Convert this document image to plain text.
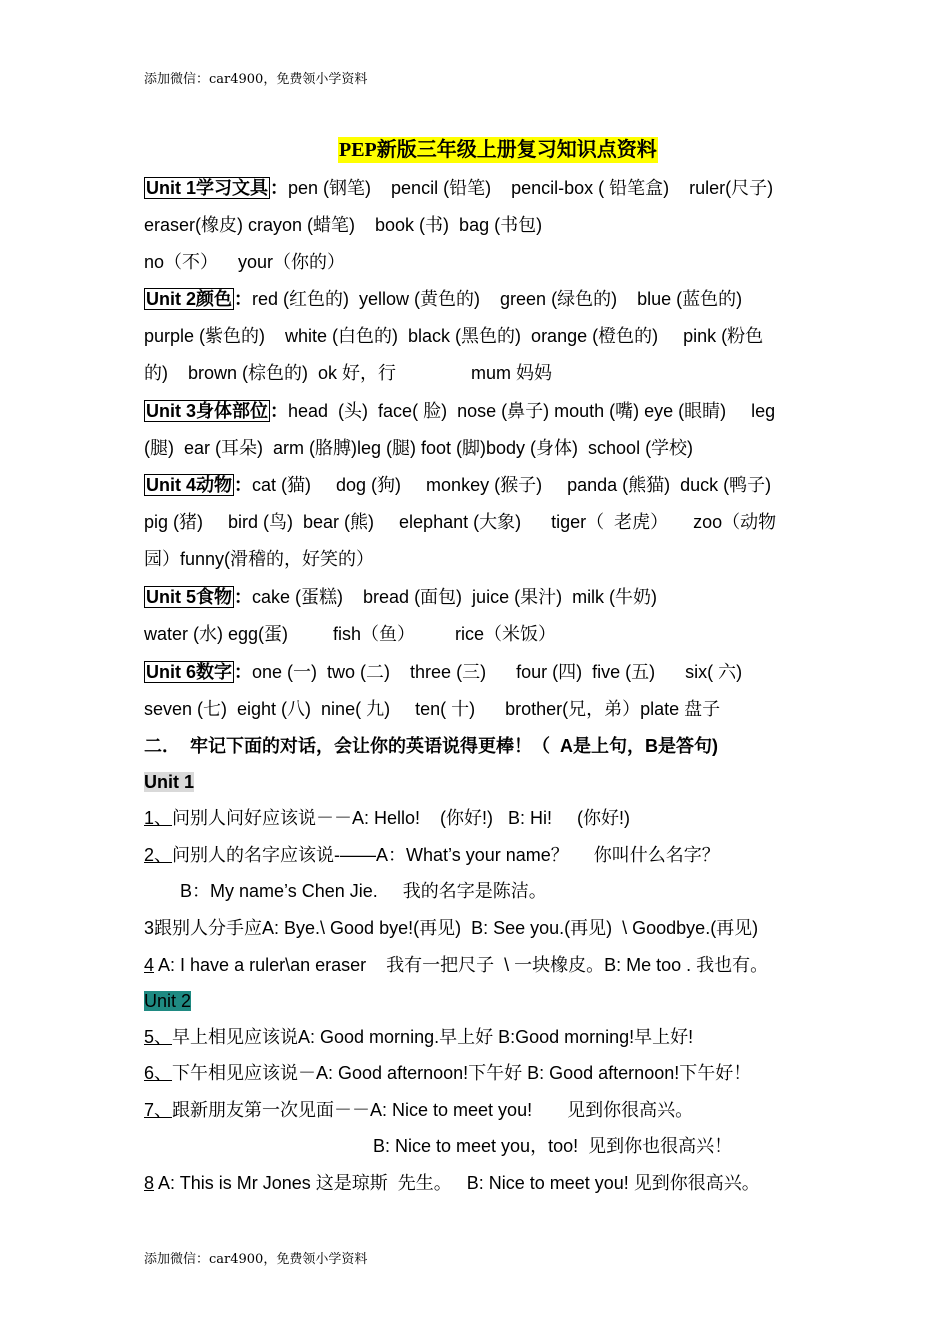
添加微信：car4900，免费领小学资料
PEP新版三年级上册复习知识点资料
Unit 1学习文具 ：pen (钢笔)    pencil (铅笔)    pencil-box ( 铅笔盒)    ruler(尺子)
eraser(橡皮) crayon (蜡笔)    book (书)  bag (书包)
no（不）    your（你的）
Unit 2颜色 ：red (红色的)  yellow (黄色的)    green (绿色的)    blue (蓝色的)
purple (紫色的)    white (白色的)  black (黑色的)  orange (橙色的)     pink (粉色
的)    brown (棕色的)  ok 好，行               mum 妈妈
Unit 3身体部位 ：head  (头)  face( 脸)  nose (鼻子) mouth (嘴) eye (眼睛)     leg
(腿)  ear (耳朵)  arm (胳膊)leg (腿) foot (脚)body (身体)  school (学校)
Unit 4动物 ：cat (猫)     dog (狗)     monkey (猴子)     panda (熊猫)  duck (鸭子)
pig (猪)     bird (鸟)  bear (熊)     elephant (大象)      tiger（  老虎）     zoo（动物
园）funny(滑稽的，好笑的）
Unit 5食物 ：cake (蛋糕)    bread (面包)  juice (果汁)  milk (牛奶)
water (水) egg(蛋)         fish（鱼）        rice（米饭）
Unit 6数字 ：one (一)  two (二)    three (三)      four (四)  five (五)      six( 六)
seven (七)  eight (八)  nine( 九)     ten( 十)      brother(兄，弟）plate 盘子
二．  牢记下面的对话，会让你的英语说得更棒！（  A是上句，B是答句)
Unit 1
1、问别人问好应该说－－A: Hello!    (你好!)   B: Hi!     (你好!)
2、问别人的名字应该说-——A：What’s your name？     你叫什么名字？
B：My name’s Chen Jie.     我的名字是陈洁。
3跟别人分手应A: Bye.\ Good bye!(再见)  B: See you.(再见)  \ Goodbye.(再见)
4 A: I have a ruler\an eraser    我有一把尺子  \ 一块橡皮。B: Me too . 我也有。
Unit 2
5、早上相见应该说A: Good morning.早上好 B:Good morning!早上好!
6、下午相见应该说－A: Good afternoon!下午好 B: Good afternoon!下午好！
7、跟新朋友第一次见面－－A: Nice to meet you!       见到你很高兴。
B: Nice to meet you，too!  见到你也很高兴！
8 A: This is Mr Jones 这是琼斯  先生。   B: Nice to meet you! 见到你很高兴。
添加微信：car4900，免费领小学资料
